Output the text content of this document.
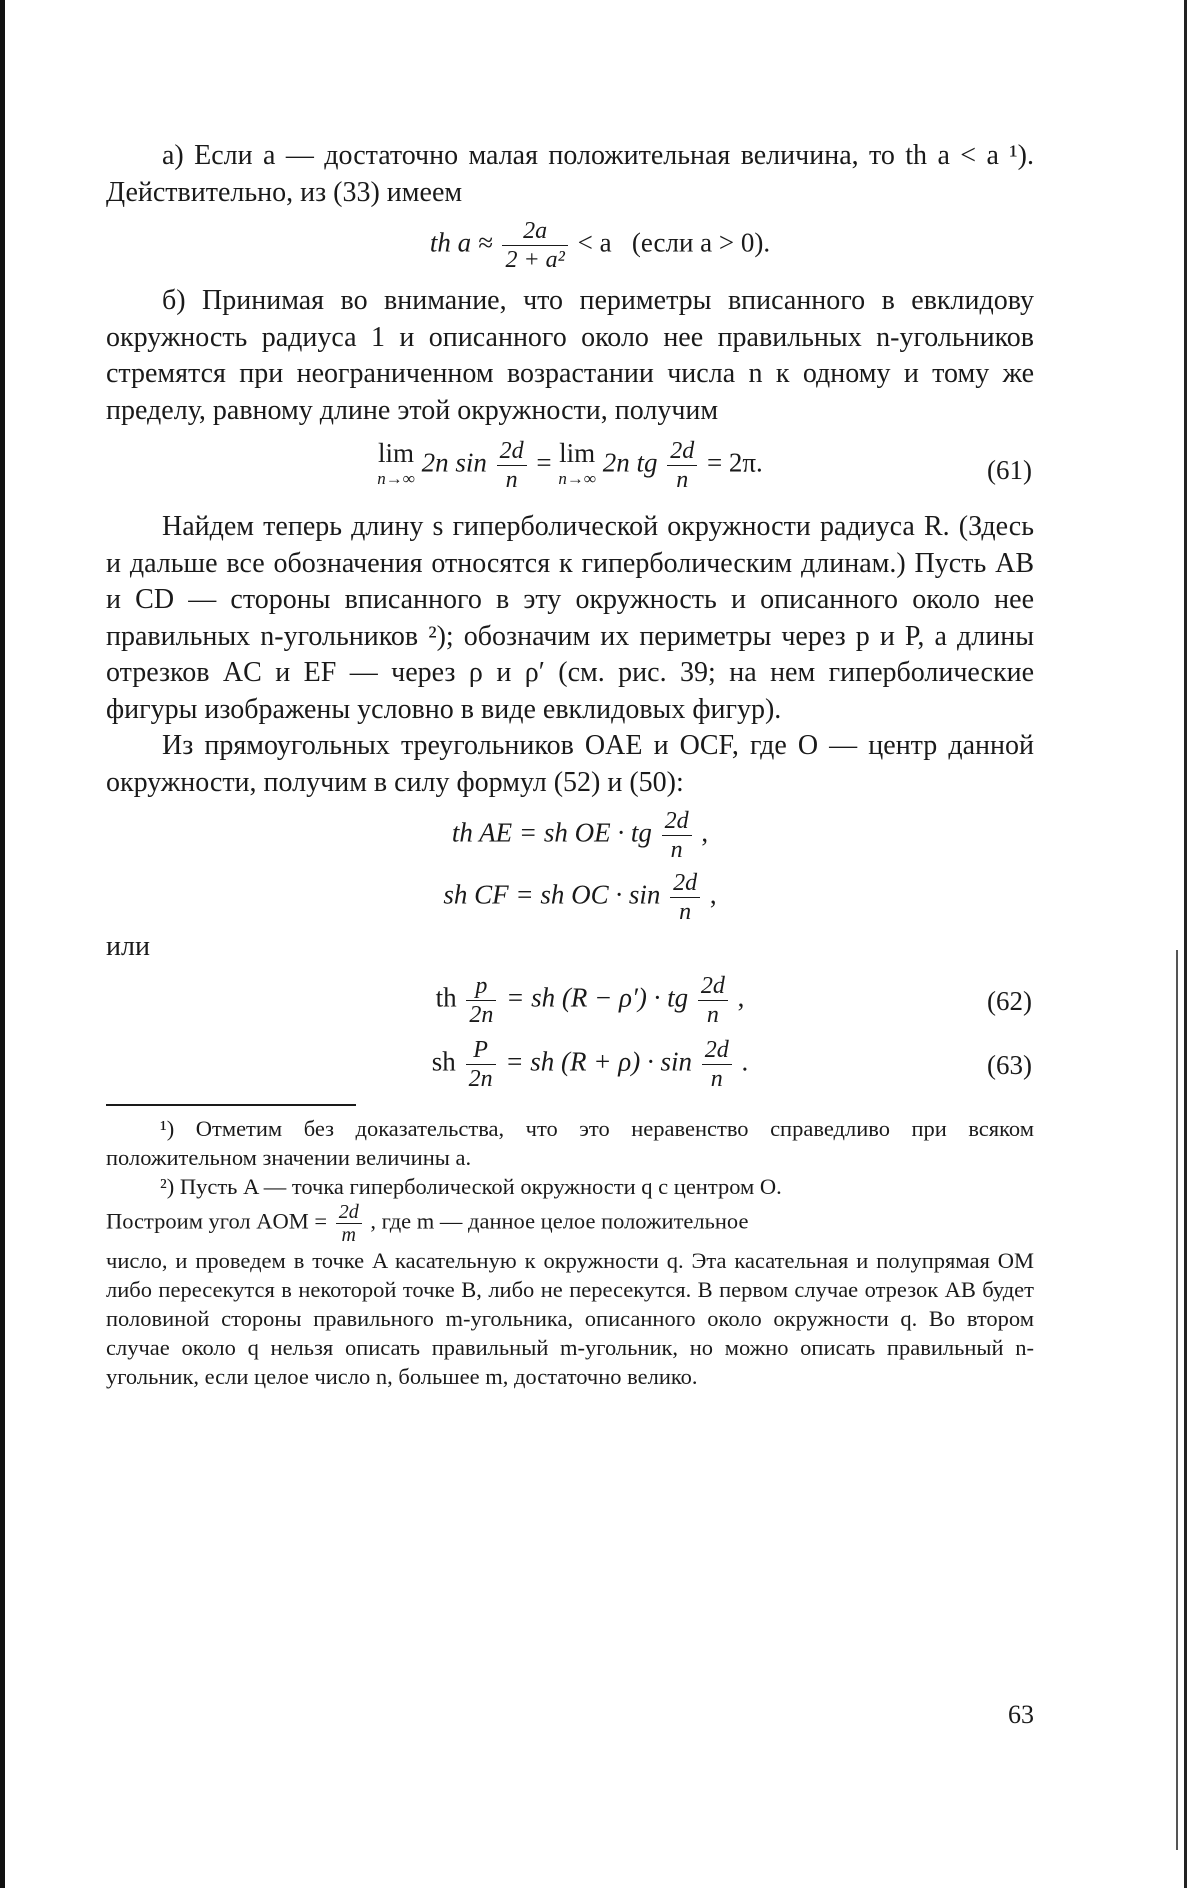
а) Если a — достаточно малая положительная величина, то th a < a ¹). Действительно, из (33) имеем

th $a \approx \frac{2a}{\text{2 + a²}} < a$   (если a > 0).

б) Принимая во внимание, что периметры вписанного в евклидову окружность радиуса 1 и описанного около нее правильных n-угольников стремятся при неограниченном возрастании числа n к одному и тому же пределу, равному длине этой окружности, получим

lim
n→∞
2n $\sin \frac{2d}{n} = \lim$
n→∞
2n tg $\frac{2d}{n} = 2\pi$.	(61)

Найдем теперь длину s гиперболической окружности радиуса R. (Здесь и дальше все обозначения относятся к гиперболическим длинам.) Пусть AB и CD — стороны вписанного в эту окружность и описанного около нее правильных n-угольников ²); обозначим их периметры через p и P, а длины отрезков AC и EF — через ρ и ρ′ (см. рис. 39; на нем гиперболические фигуры изображены условно в виде евклидовых фигур).

Из прямоугольных треугольников OAE и OCF, где O — центр данной окружности, получим в силу формул (52) и (50):

th AE = sh OE · tg $\frac{2d}{n}$ ,
sh CF = sh OC · $\sin \frac{2d}{n}$ ,

или

th $\frac{p}{2n}$ = sh (R − ρ′) · tg $\frac{2d}{n}$ ,	(62)
sh $\frac{P}{2n}$ = sh $(R + \rho) \cdot \sin \frac{2d}{n}$ .	(63)

¹) Отметим без доказательства, что это неравенство справедливо при всяком положительном значении величины a.

²) Пусть A — точка гиперболической окружности q с центром O.

Построим угол AOM = $\frac{2d}{m}$ , где m — данное целое положительное

число, и проведем в точке A касательную к окружности q. Эта касательная и полупрямая OM либо пересекутся в некоторой точке B, либо не пересекутся. В первом случае отрезок AB будет половиной стороны правильного m-угольника, описанного около окружности q. Во втором случае около q нельзя описать правильный m-угольник, но можно описать правильный n-угольник, если целое число n, большее m, достаточно велико.

63
